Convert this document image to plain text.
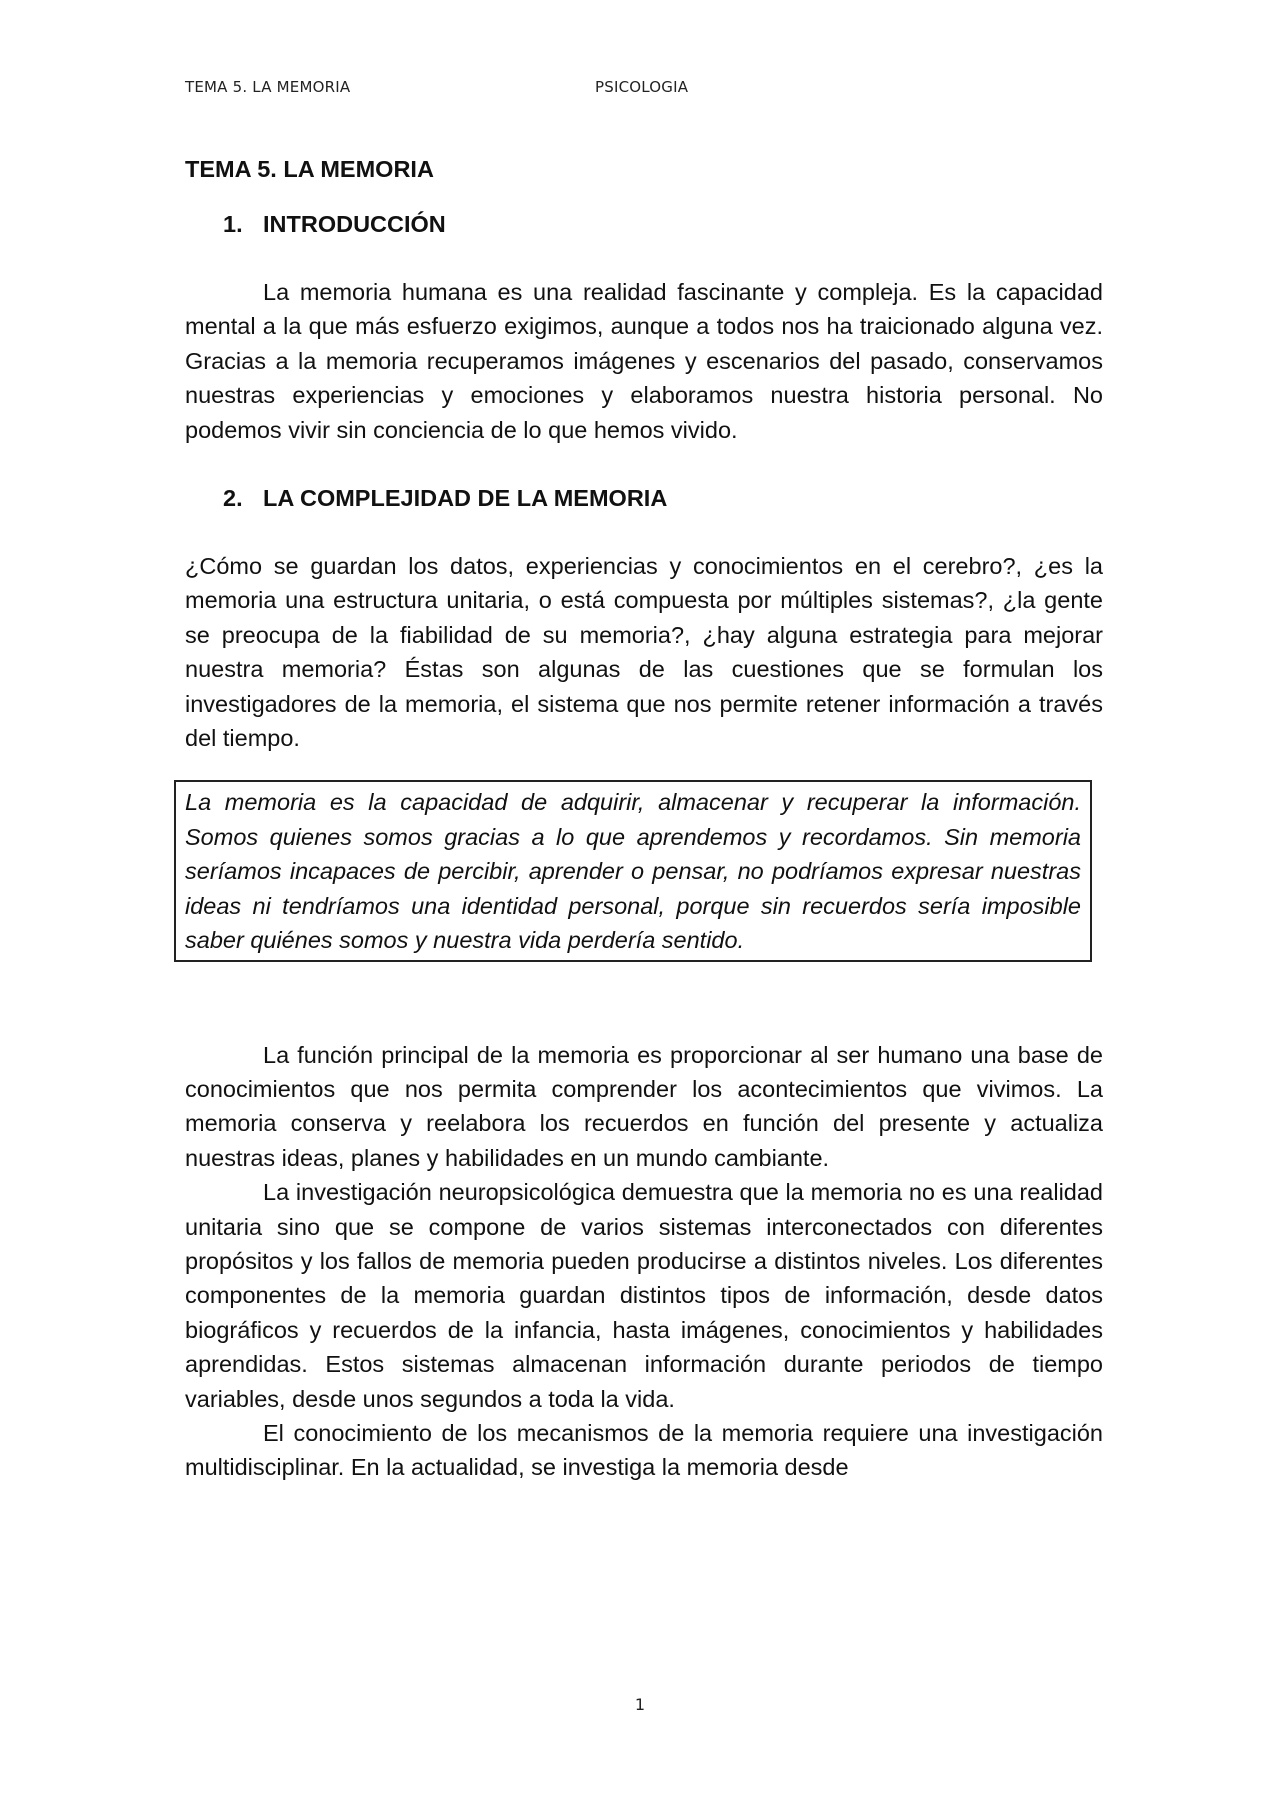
TEMA 5. LA MEMORIA	PSICOLOGIA
TEMA 5. LA MEMORIA
1. INTRODUCCIÓN

La memoria humana es una realidad fascinante y compleja. Es la capacidad mental a la que más esfuerzo exigimos, aunque a todos nos ha traicionado alguna vez. Gracias a la memoria recuperamos imágenes y escenarios del pasado, conservamos nuestras experiencias y emociones y elaboramos nuestra historia personal. No podemos vivir sin conciencia de lo que hemos vivido.

2. LA COMPLEJIDAD DE LA MEMORIA

¿Cómo se guardan los datos, experiencias y conocimientos en el cerebro?, ¿es la memoria una estructura unitaria, o está compuesta por múltiples sistemas?, ¿la gente se preocupa de la fiabilidad de su memoria?, ¿hay alguna estrategia para mejorar nuestra memoria? Éstas son algunas de las cuestiones que se formulan los investigadores de la memoria, el sistema que nos permite retener información a través del tiempo.

La memoria es la capacidad de adquirir, almacenar y recuperar la información. Somos quienes somos gracias a lo que aprendemos y recordamos. Sin memoria seríamos incapaces de percibir, aprender o pensar, no podríamos expresar nuestras ideas ni tendríamos una identidad personal, porque sin recuerdos sería imposible saber quiénes somos y nuestra vida perdería sentido.

La función principal de la memoria es proporcionar al ser humano una base de conocimientos que nos permita comprender los acontecimientos que vivimos. La memoria conserva y reelabora los recuerdos en función del presente y actualiza nuestras ideas, planes y habilidades en un mundo cambiante.

La investigación neuropsicológica demuestra que la memoria no es una realidad unitaria sino que se compone de varios sistemas interconectados con diferentes propósitos y los fallos de memoria pueden producirse a distintos niveles. Los diferentes componentes de la memoria guardan distintos tipos de información, desde datos biográficos y recuerdos de la infancia, hasta imágenes, conocimientos y habilidades aprendidas. Estos sistemas almacenan información durante periodos de tiempo variables, desde unos segundos a toda la vida.

El conocimiento de los mecanismos de la memoria requiere una investigación multidisciplinar. En la actualidad, se investiga la memoria desde

1
